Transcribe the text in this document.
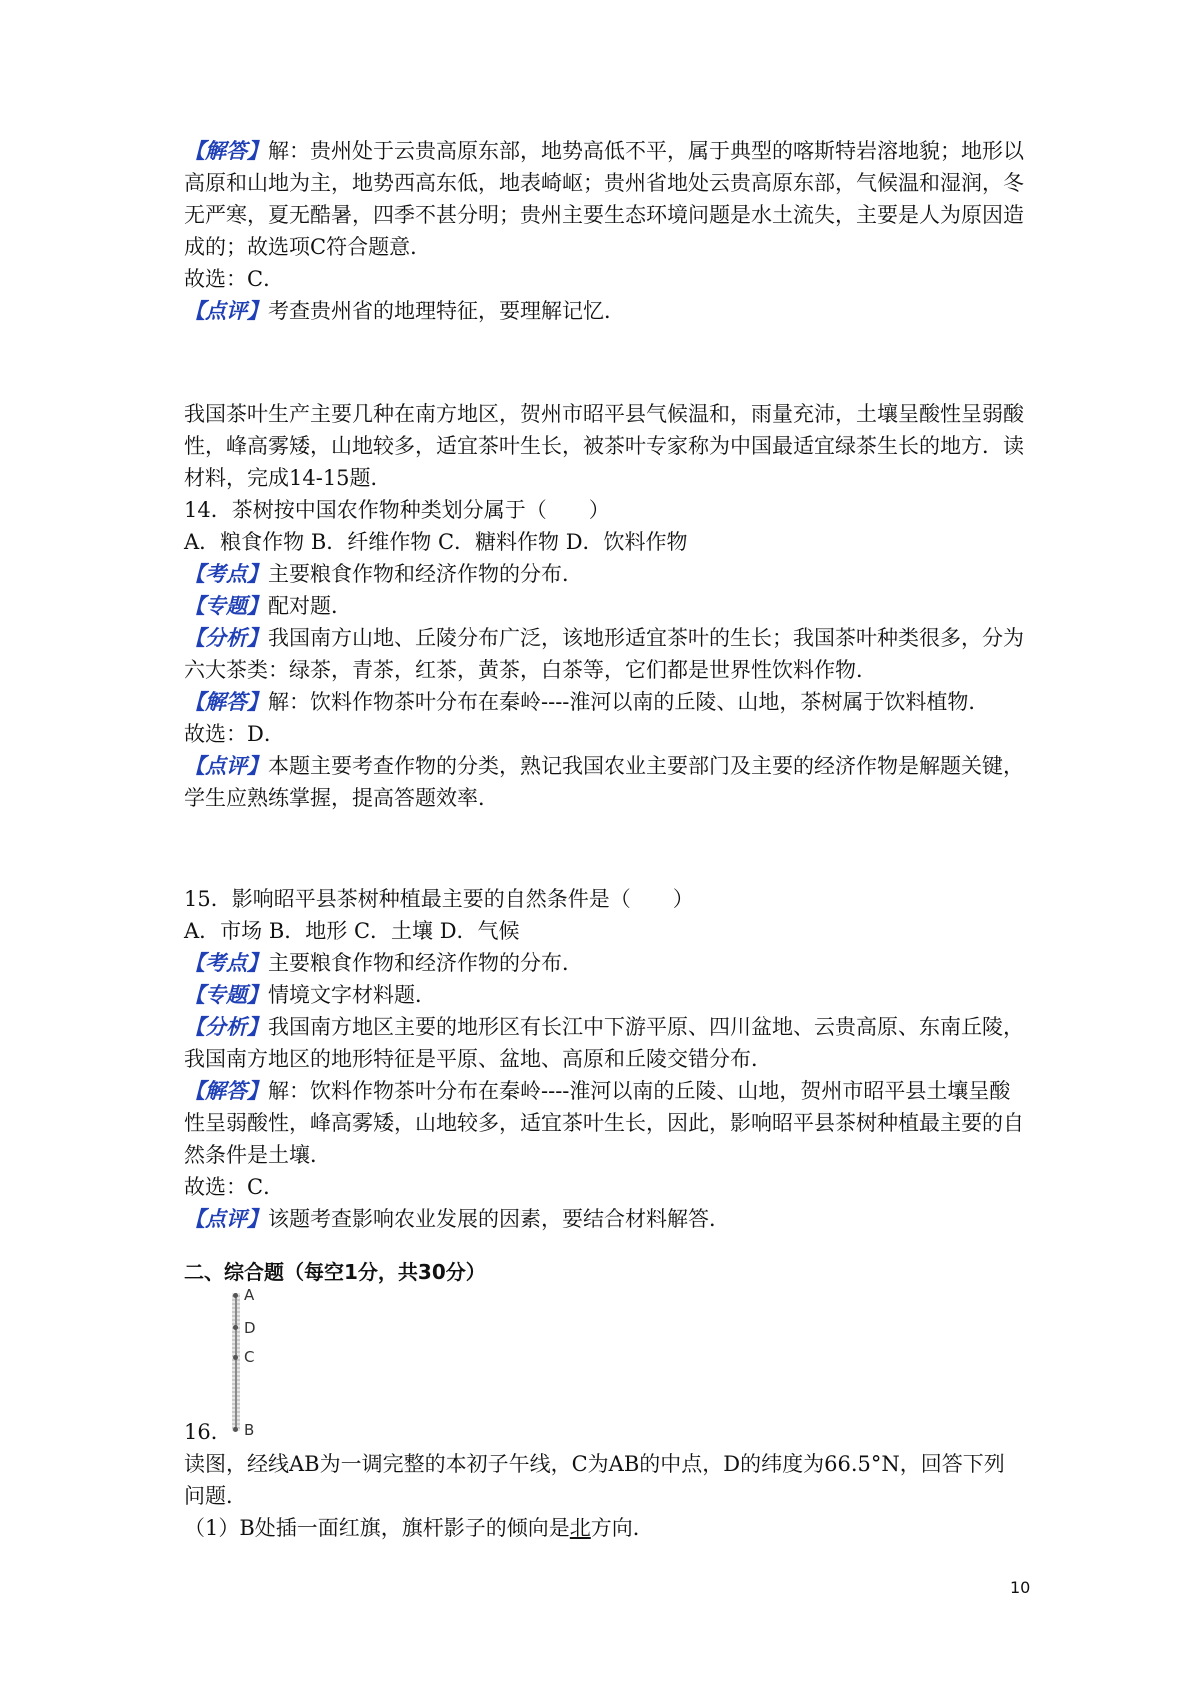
【解答】解：贵州处于云贵高原东部，地势高低不平，属于典型的喀斯特岩溶地貌；地形以
高原和山地为主，地势西高东低，地表崎岖；贵州省地处云贵高原东部，气候温和湿润，冬
无严寒，夏无酷暑，四季不甚分明；贵州主要生态环境问题是水土流失，主要是人为原因造
成的；故选项C符合题意．
故选：C．
【点评】考查贵州省的地理特征，要理解记忆．
我国茶叶生产主要几种在南方地区，贺州市昭平县气候温和，雨量充沛，土壤呈酸性呈弱酸
性，峰高雾矮，山地较多，适宜茶叶生长，被茶叶专家称为中国最适宜绿茶生长的地方．读
材料，完成14-15题．
14．茶树按中国农作物种类划分属于（　　）
A．粮食作物 B．纤维作物 C．糖料作物 D．饮料作物
【考点】主要粮食作物和经济作物的分布．
【专题】配对题．
【分析】我国南方山地、丘陵分布广泛，该地形适宜茶叶的生长；我国茶叶种类很多，分为
六大茶类：绿茶，青茶，红茶，黄茶，白茶等，它们都是世界性饮料作物．
【解答】解：饮料作物茶叶分布在秦岭----淮河以南的丘陵、山地，茶树属于饮料植物．
故选：D．
【点评】本题主要考查作物的分类，熟记我国农业主要部门及主要的经济作物是解题关键，
学生应熟练掌握，提高答题效率．
15．影响昭平县茶树种植最主要的自然条件是（　　）
A．市场 B．地形 C．土壤 D．气候
【考点】主要粮食作物和经济作物的分布．
【专题】情境文字材料题．
【分析】我国南方地区主要的地形区有长江中下游平原、四川盆地、云贵高原、东南丘陵，
我国南方地区的地形特征是平原、盆地、高原和丘陵交错分布．
【解答】解：饮料作物茶叶分布在秦岭----淮河以南的丘陵、山地，贺州市昭平县土壤呈酸
性呈弱酸性，峰高雾矮，山地较多，适宜茶叶生长，因此，影响昭平县茶树种植最主要的自
然条件是土壤．
故选：C．
【点评】该题考查影响农业发展的因素，要结合材料解答．
二、综合题（每空1分，共30分）
A
D
C
B
16．
读图，经线AB为一调完整的本初子午线，C为AB的中点，D的纬度为66.5°N，回答下列
问题．
（1）B处插一面红旗，旗杆影子的倾向是北方向．
10
